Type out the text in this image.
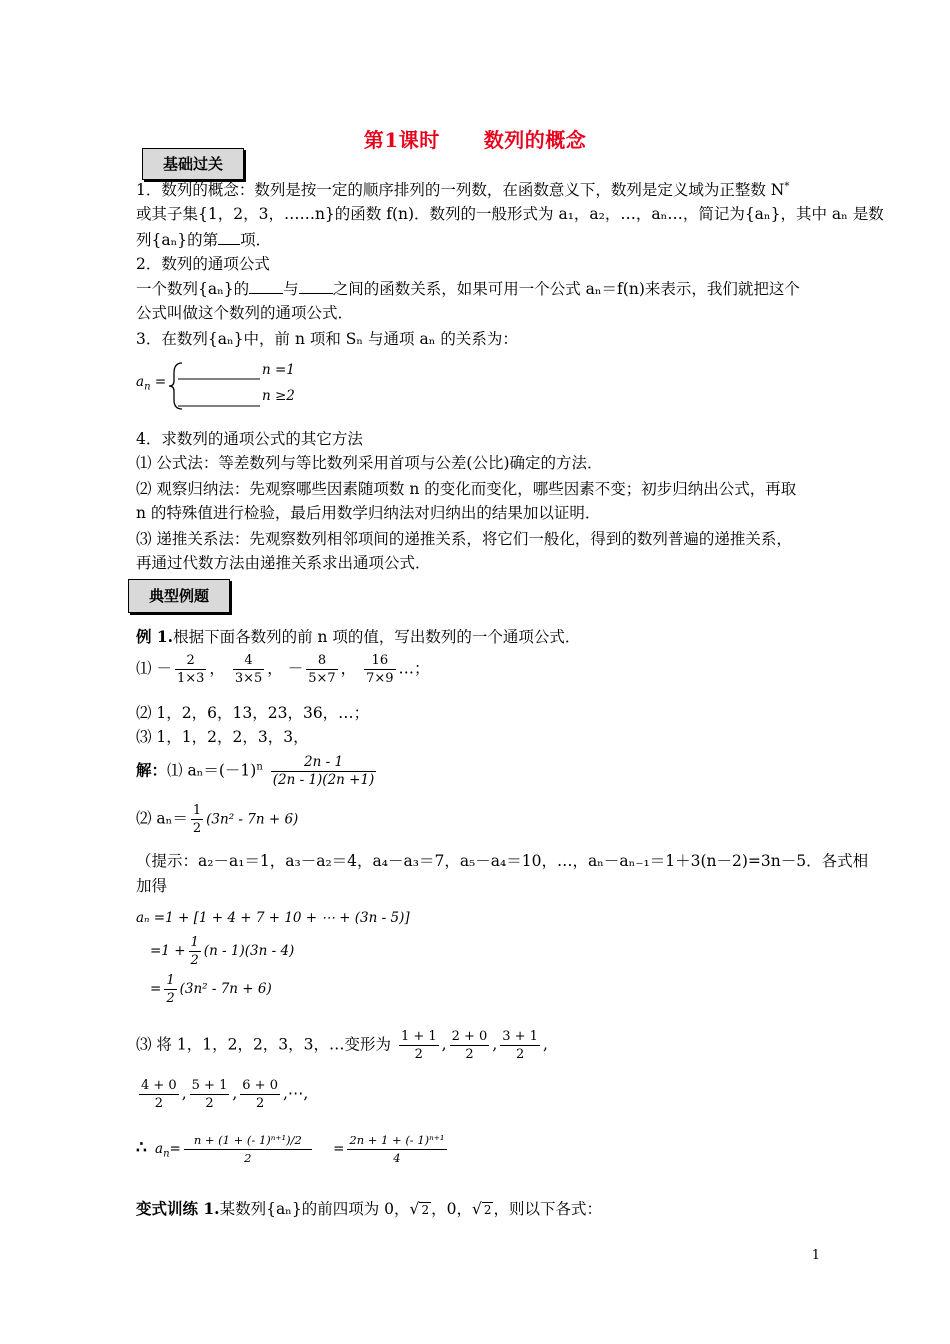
第1课时 数列的概念
基础过关
1．数列的概念：数列是按一定的顺序排列的一列数，在函数意义下，数列是定义域为正整数 N*
或其子集{1，2，3，……n}的函数 f(n)．数列的一般形式为 a₁，a₂，…，aₙ…，简记为{aₙ}，其中 aₙ 是数
列{aₙ}的第 项．
2．数列的通项公式
一个数列{aₙ}的 与 之间的函数关系，如果可用一个公式 aₙ＝f(n)来表示，我们就把这个
公式叫做这个数列的通项公式．
3．在数列{aₙ}中，前 n 项和 Sₙ 与通项 aₙ 的关系为：
$a_n$ =
n =1
n ≥2
4．求数列的通项公式的其它方法
⑴ 公式法：等差数列与等比数列采用首项与公差(公比)确定的方法．
⑵ 观察归纳法：先观察哪些因素随项数 n 的变化而变化，哪些因素不变；初步归纳出公式，再取
n 的特殊值进行检验，最后用数学归纳法对归纳出的结果加以证明．
⑶ 递推关系法：先观察数列相邻项间的递推关系，将它们一般化，得到的数列普遍的递推关系，
再通过代数方法由递推关系求出通项公式．
典型例题
例 1.根据下面各数列的前 n 项的值，写出数列的一个通项公式．
⑴ － $\frac{2}{1\times 3}$ ， $\frac{4}{3\times 5}$ ， － $\frac{8}{5\times 7}$ ， $\frac{16}{7\times 9}$ …；
⑵ 1，2，6，13，23，36，…；
⑶ 1，1，2，2，3，3，
解：⑴ $a_n=(-1)^n \frac{2n - 1}{(2n - 1)(2n +1)}$
⑵ $a_n= \frac{1}{2} (3n^2 - 7n + 6)$
（提示：a₂－a₁＝1，a₃－a₂＝4，a₄－a₃＝7，a₅－a₄＝10，…，aₙ－aₙ₋₁＝1＋3(n－2)=3n－5．各式相
加得
aₙ =1 + [1 + 4 + 7 + 10 + ⋯ + (3n - 5)]
$=1 + \frac{1}{2} (n - 1)(3n - 4)$
= $\frac{1}{2} (3n^2 - 7n + 6)$
⑶ 将 1，1，2，2，3，3，…变形为 $\frac{1 + 1}{2}$ , $\frac{2 + 0}{2}$ , $\frac{3 + 1}{2}$ ,
$\frac{4 + 0}{2}$ , $\frac{5 + 1}{2}$ , $\frac{6 + 0}{2}$ ,⋯,
∴ $a_n= \frac{\text{n + (1 + (- 1)ⁿ⁺¹)/2}}{2} = \frac{\text{2n + 1 + (- 1)ⁿ⁺¹}}{4}$
变式训练 1.某数列{aₙ}的前四项为 0，√ 2 ，0，√ 2 ，则以下各式：
1
